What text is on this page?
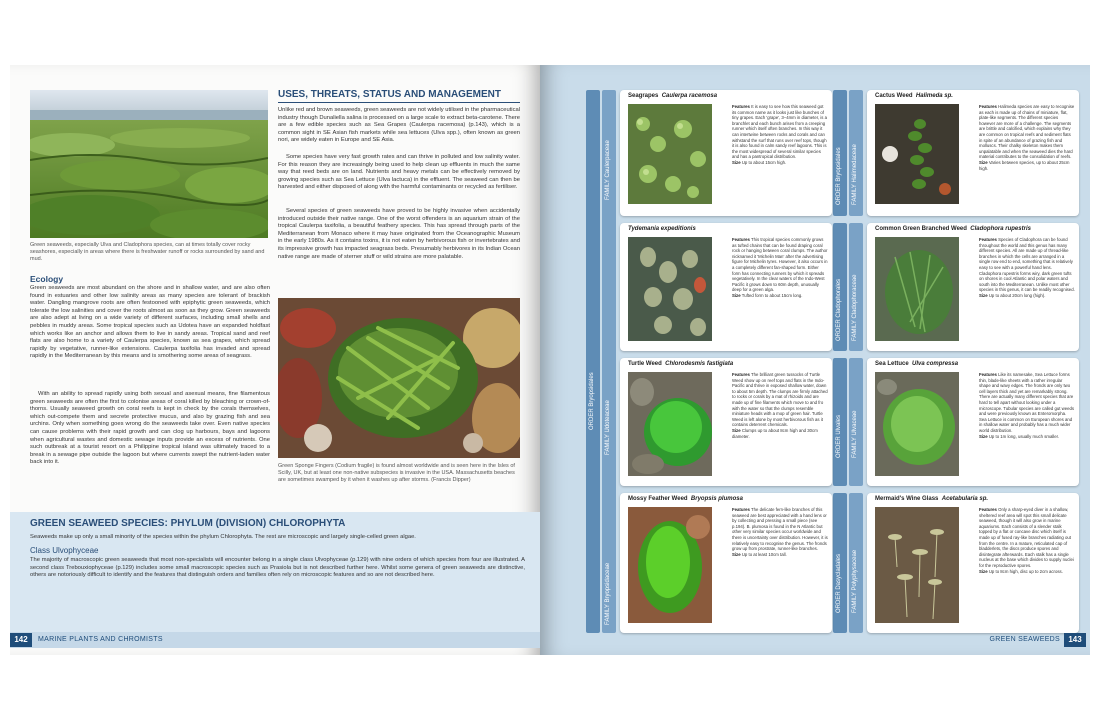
Green seaweeds, especially Ulva and Cladophora species, can at times totally cover rocky seashores, especially in areas where there is freshwater runoff or rocks surrounded by sand and mud.
USES, THREATS, STATUS AND MANAGEMENT
Unlike red and brown seaweeds, green seaweeds are not widely utilised in the pharmaceutical industry though Dunaliella salina is processed on a large scale to extract beta-carotene. There are a few edible species such as Sea Grapes (Caulerpa racemosa) (p.143), which is a common sight in SE Asian fish markets while sea lettuces (Ulva spp.), often known as green nori, are widely eaten in Europe and SE Asia.
Some species have very fast growth rates and can thrive in polluted and low salinity water. For this reason they are increasingly being used to help clean up effluents in much the same way that reed beds are on land. Nutrients and heavy metals can be effectively removed by growing species such as Sea Lettuce (Ulva lactuca) in the effluent. The seaweed can then be harvested and either disposed of along with the harmful contaminants or recycled as fertiliser.
Several species of green seaweeds have proved to be highly invasive when accidentally introduced outside their native range. One of the worst offenders is an aquarium strain of the tropical Caulerpa taxifolia, a beautiful feathery species. This has spread through parts of the Mediterranean from Monaco where it may have originated from the Oceanographic Museum in the early 1980s. As it contains toxins, it is not eaten by herbivorous fish or invertebrates and its impressive growth has impacted seagrass beds. Presumably herbivores in its Indian Ocean native range are made of sterner stuff or wild strains are more palatable.
Ecology
Green seaweeds are most abundant on the shore and in shallow water, and are also often found in estuaries and other low salinity areas as many species are tolerant of brackish water. Dangling mangrove roots are often festooned with epiphytic green seaweeds, which tolerate the low salinities and cover the roots almost as soon as they grow. Green seaweeds are also adept at living on a wide variety of different surfaces, including small shells and pebbles in muddy areas. Some tropical species such as Udotea have an expanded holdfast which works like an anchor and allows them to live in sandy areas. Tropical sand and reef flats are also home to a variety of Caulerpa species, known as sea grapes, which spread rapidly by vegetative, runner-like extensions. Caulerpa taxifolia has invaded and spread rapidly in the Mediterranean by this means and is smothering some areas of seagrass.
With an ability to spread rapidly using both sexual and asexual means, fine filamentous green seaweeds are often the first to colonise areas of coral killed by bleaching or crown-of-thorns. Usually seaweed growth on coral reefs is kept in check by the corals themselves, which out-compete them and secrete protective mucus, and also by grazing fish and sea urchins. Only when something goes wrong do the seaweeds take over. Even native species can cause problems with their rapid growth and can clog up harbours, bays and lagoons when agricultural wastes and domestic sewage inputs provide an excess of nutrients. One such outbreak at a tourist resort on a Philippine tropical island was ultimately traced to a break in a sewage pipe outside the lagoon but where currents swept the nutrient-laden water back into it.
Green Sponge Fingers (Codium fragile) is found almost worldwide and is seen here in the Isles of Scilly, UK, but at least one non-native subspecies is invasive in the USA. Massachusetts beaches are sometimes swamped by it when it washes up after storms. (Francis Dipper)
GREEN SEAWEED SPECIES: PHYLUM (DIVISION) CHLOROPHYTA
Seaweeds make up only a small minority of the species within the phylum Chlorophyta. The rest are microscopic and largely single-celled green algae.
Class Ulvophyceae
The majority of macroscopic green seaweeds that most non-specialists will encounter belong in a single class Ulvophyceae (p.129) with nine orders of which species from four are illustrated. A second class Trebouxiophyceae (p.129) includes some small macroscopic species such as Prasiola but is not described further here. Whilst some genera of green seaweeds are distinctive, others are notoriously difficult to identify and the features that distinguish orders and families often rely on microscopic features and so are not described here.
142	MARINE PLANTS AND CHROMISTS
ORDER Bryopsidales
FAMILY Caulerpaceae
FAMILY Udoteaceae
FAMILY Bryopsidaceae
ORDER Bryopsidales FAMILY Halimedaceae
ORDER Cladophorales FAMILY Cladophoraceae
ORDER Ulvales FAMILY Ulvaceae
ORDER Dasycladales FAMILY Polyphysaceae
Seagrapes Caulerpa racemosa
Features It is easy to see how this seaweed got its common name as it looks just like bunches of tiny grapes. Each 'grape', 3–4mm in diameter, is a branchlet and each bunch arises from a creeping runner which itself often branches. In this way it can intertwine between rocks and corals and can withstand the surf that runs over reef tops, though it is also found in calm sandy reef lagoons. This is the most widespread of several similar species and has a pantropical distribution.
Size Up to about 15cm high.
Tydemania expeditionis
Features This tropical species commonly grows as tufted chains that can be found draping coral rock or hanging between coral clumps. The author nicknamed it 'Michelin Man' after the advertising figure for Michelin tyres. However, it also occurs in a completely different fan-shaped form. Either form has connecting runners by which it spreads vegetatively. In the clear waters of the Indo-West Pacific it grows down to 60m depth, unusually deep for a green alga.
Size Tufted form to about 15cm long.
Turtle Weed Chlorodesmis fastigiata
Features The brilliant green tussocks of Turtle Weed show up on reef tops and flats in the Indo-Pacific and thrive in exposed shallow water, down to about 5m depth. The clumps are firmly attached to rocks or corals by a mat of rhizoids and are made up of fine filaments which move to and fro with the water so that the clumps resemble miniature heads with a mop of green hair. Turtle Weed is left alone by most herbivorous fish as it contains deterrent chemicals.
Size Clumps up to about 8cm high and 30cm diameter.
Mossy Feather Weed Bryopsis plumosa
Features The delicate fern-like branches of this seaweed are best appreciated with a hand lens or by collecting and pressing a small piece (see p.194). B. plumosa is found in the N Atlantic but other very similar species occur worldwide and there is uncertainty over distribution. However, it is relatively easy to recognise the genus. The fronds grow up from prostrate, runner-like branches.
Size Up to at least 10cm tall.
Cactus Weed Halimeda sp.
Features Halimeda species are easy to recognise as each is made up of chains of miniature, flat, plate-like segments. The different species however are more of a challenge. The segments are brittle and calcified, which explains why they are common on tropical reefs and sediment flats in spite of an abundance of grazing fish and molluscs. Their chalky skeleton makes them unpalatable and when the seaweed dies the hard material contributes to the consolidation of reefs.
Size Varies between species, up to about 25cm high.
Common Green Branched Weed Cladophora rupestris
Features Species of Cladophora can be found throughout the world and this genus has many different species. All are made up of thread-like branches in which the cells are arranged in a single row end to end, something that is relatively easy to see with a powerful hand lens. Cladophora rupestris forms wiry, dark green tufts on shores in cool Atlantic and polar waters and south into the Mediterranean. Unlike most other species in this genus, it can be readily recognised.
Size Up to about 20cm long (high).
Sea Lettuce Ulva compressa
Features Like its namesake, Sea Lettuce forms thin, blade-like sheets with a rather irregular shape and wavy edges. The fronds are only two cell layers thick and yet are remarkably strong. There are actually many different species that are hard to tell apart without looking under a microscope. Tubular species are called gut weeds and were previously known as Enteromorpha. Sea Lettuce is common on European shores and in shallow water and probably has a much wider world distribution.
Size Up to 1m long, usually much smaller.
Mermaid's Wine Glass Acetabularia sp.
Features Only a sharp-eyed diver in a shallow, sheltered reef area will spot this small delicate seaweed, though it will also grow in marine aquariums. Each consists of a slender stalk topped by a flat or concave disc which itself is made up of fused ray-like branches radiating out from the centre. In a mature, reticulated cap of bladderlets, the discs produce spores and disintegrate afterwards. Each stalk has a single nucleus at the base which divides to supply nuclei for the reproductive spores.
Size Up to 8cm high, disc up to 2cm across.
GREEN SEAWEEDS	143
